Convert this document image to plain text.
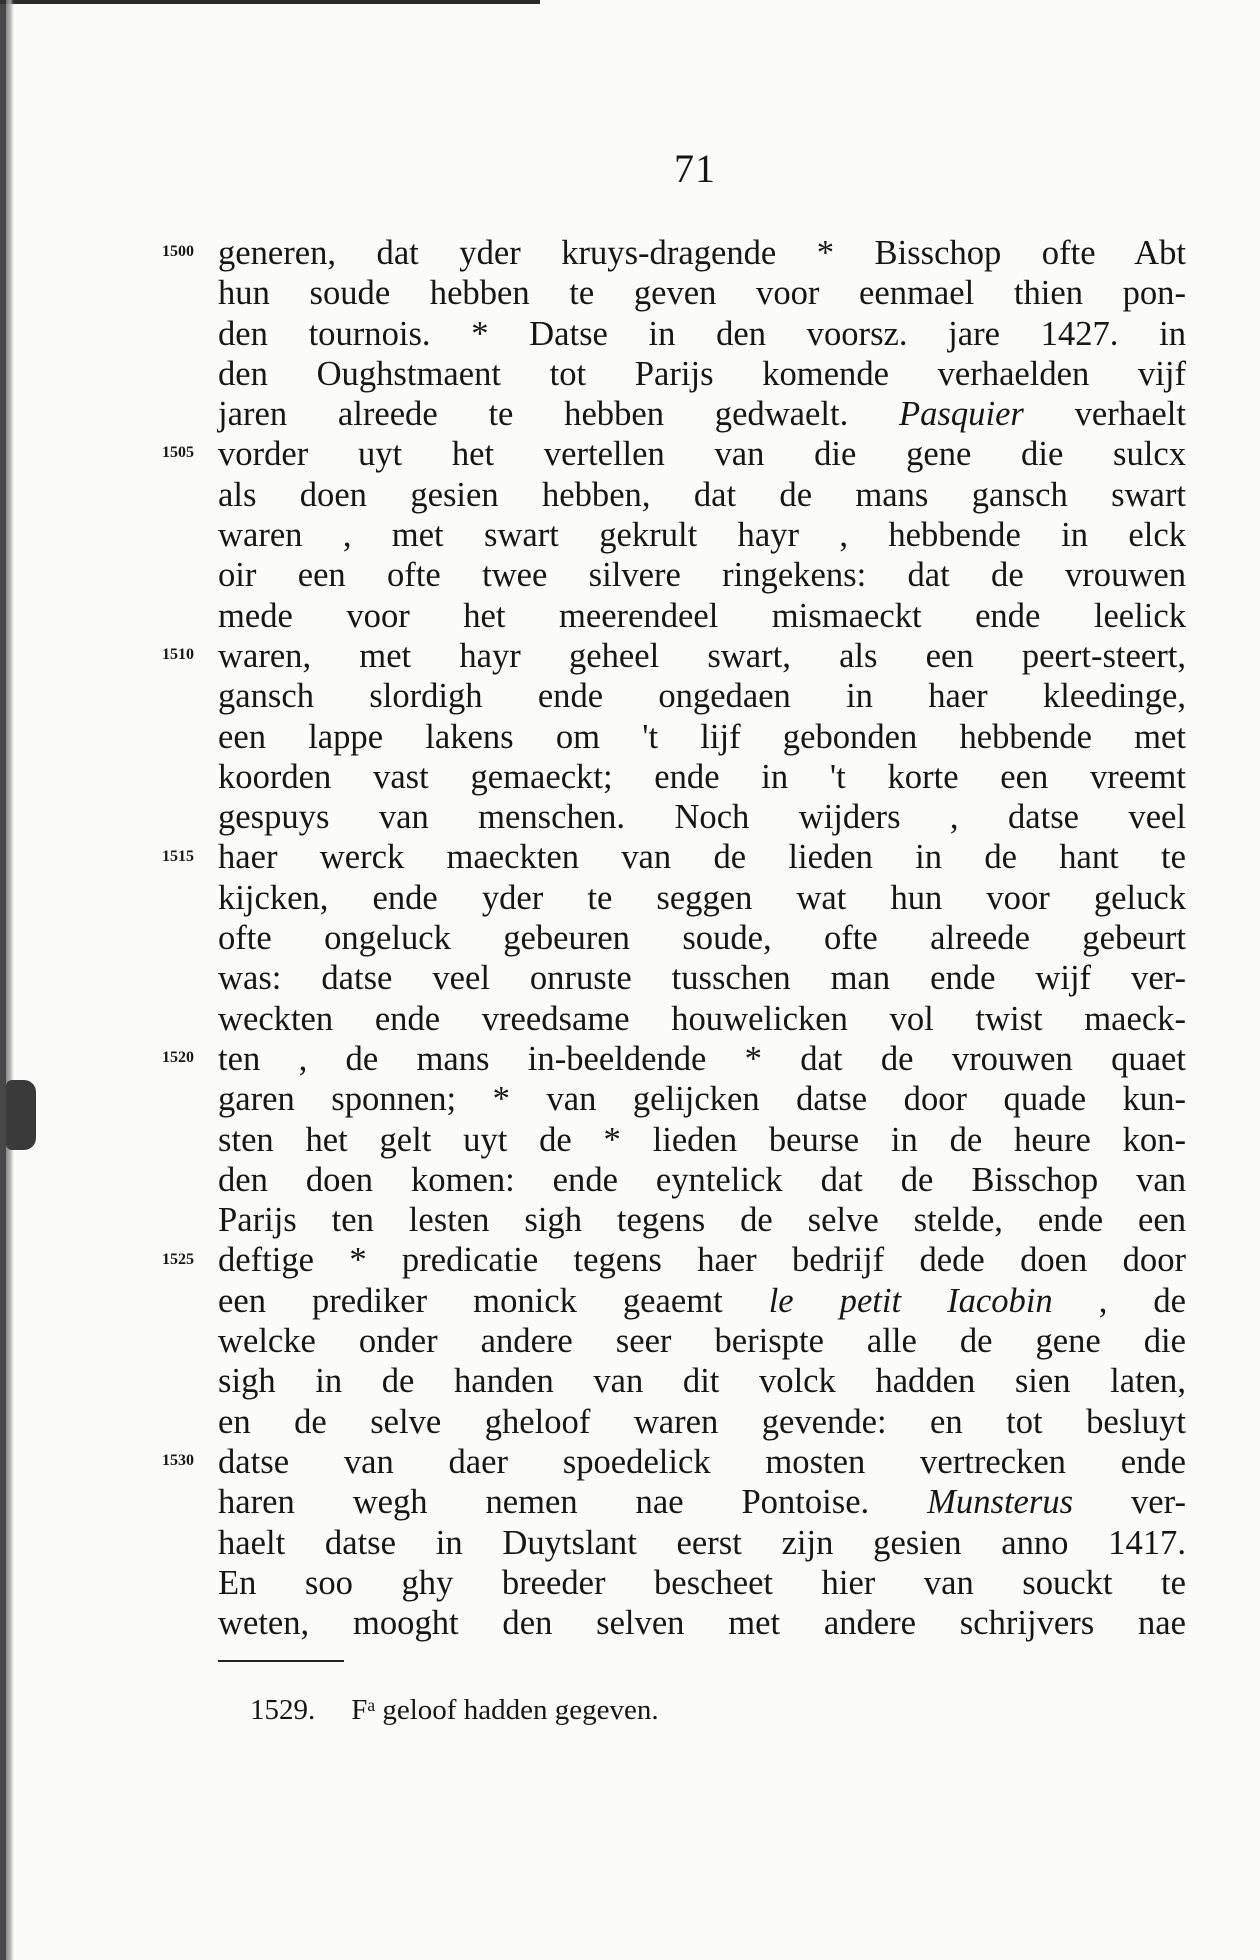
71
generen, dat yder kruys-dragende * Bisschop ofte Abt
hun soude hebben te geven voor eenmael thien pon-
den tournois. * Datse in den voorsz. jare 1427. in
den Oughstmaent tot Parijs komende verhaelden vijf
jaren alreede te hebben gedwaelt. Pasquier verhaelt
vorder uyt het vertellen van die gene die sulcx
als doen gesien hebben, dat de mans gansch swart
waren , met swart gekrult hayr , hebbende in elck
oir een ofte twee silvere ringekens: dat de vrouwen
mede voor het meerendeel mismaeckt ende leelick
waren, met hayr geheel swart, als een peert-steert,
gansch slordigh ende ongedaen in haer kleedinge,
een lappe lakens om 't lijf gebonden hebbende met
koorden vast gemaeckt; ende in 't korte een vreemt
gespuys van menschen. Noch wijders , datse veel
haer werck maeckten van de lieden in de hant te
kijcken, ende yder te seggen wat hun voor geluck
ofte ongeluck gebeuren soude, ofte alreede gebeurt
was: datse veel onruste tusschen man ende wijf ver-
weckten ende vreedsame houwelicken vol twist maeck-
ten , de mans in-beeldende * dat de vrouwen quaet
garen sponnen; * van gelijcken datse door quade kun-
sten het gelt uyt de * lieden beurse in de heure kon-
den doen komen: ende eyntelick dat de Bisschop van
Parijs ten lesten sigh tegens de selve stelde, ende een
deftige * predicatie tegens haer bedrijf dede doen door
een prediker monick geaemt le petit Iacobin , de
welcke onder andere seer berispte alle de gene die
sigh in de handen van dit volck hadden sien laten,
en de selve gheloof waren gevende: en tot besluyt
datse van daer spoedelick mosten vertrecken ende
haren wegh nemen nae Pontoise. Munsterus ver-
haelt datse in Duytslant eerst zijn gesien anno 1417.
En soo ghy breeder bescheet hier van souckt te
weten, mooght den selven met andere schrijvers nae
1500
1505
1510
1515
1520
1525
1530
1529. $F^a$ geloof hadden gegeven.
